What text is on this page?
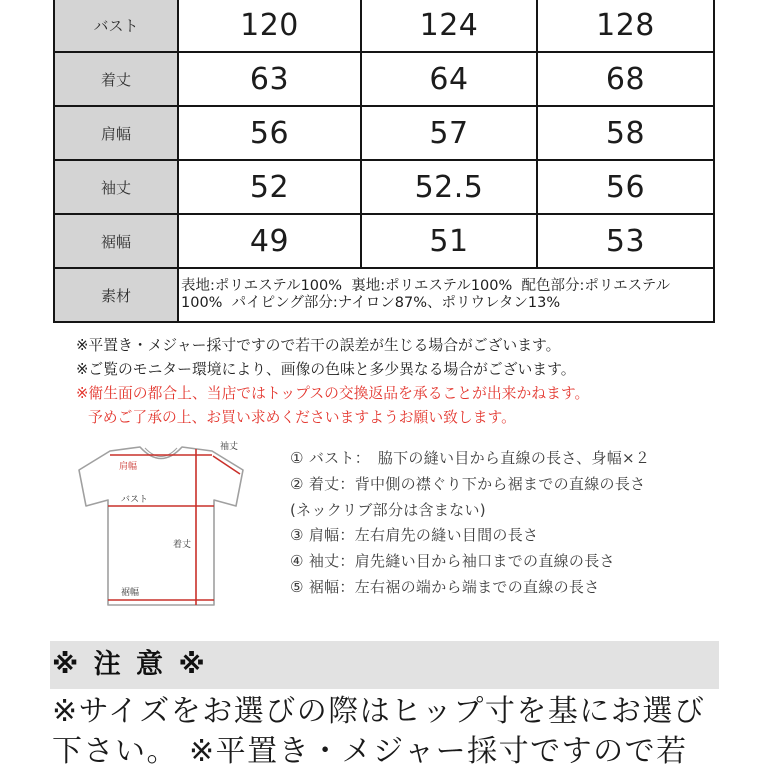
バスト	120	124	128
着丈	63	64	68
肩幅	56	57	58
袖丈	52	52.5	56
裾幅	49	51	53
素材
表地:ポリエステル100%  裏地:ポリエステル100%  配色部分:ポリエステル
100%  パイピング部分:ナイロン87%、ポリウレタン13%
※平置き・メジャー採寸ですので若干の誤差が生じる場合がございます。
※ご覧のモニター環境により、画像の色味と多少異なる場合がございます。
※衛生面の都合上、当店ではトップスの交換返品を承ることが出来かねます。
予めご了承の上、お買い求めくださいますようお願い致します。
肩幅
袖丈
バスト
着丈
裾幅
① バスト：　脇下の縫い目から直線の長さ、身幅×２
② 着丈：背中側の襟ぐり下から裾までの直線の長さ
(ネックリブ部分は含まない)
③ 肩幅：左右肩先の縫い目間の長さ
④ 袖丈：肩先縫い目から袖口までの直線の長さ
⑤ 裾幅：左右裾の端から端までの直線の長さ
※ 注 意 ※
※サイズをお選びの際はヒップ寸を基にお選び
下さい。 ※平置き・メジャー採寸ですので若
